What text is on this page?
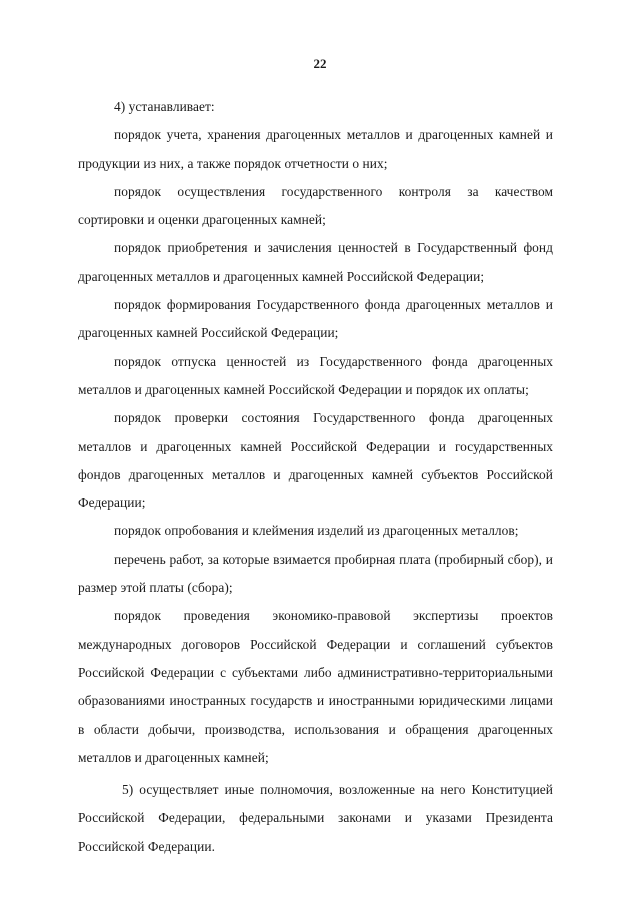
22

4) устанавливает:

порядок учета, хранения драгоценных металлов и драгоценных камней и продукции из них, а также порядок отчетности о них;

порядок осуществления государственного контроля за качеством сортировки и оценки драгоценных камней;

порядок приобретения и зачисления ценностей в Государственный фонд драгоценных металлов и драгоценных камней Российской Федерации;

порядок формирования Государственного фонда драгоценных металлов и драгоценных камней Российской Федерации;

порядок отпуска ценностей из Государственного фонда драгоценных металлов и драгоценных камней Российской Федерации и порядок их оплаты;

порядок проверки состояния Государственного фонда драгоценных металлов и драгоценных камней Российской Федерации и государственных фондов драгоценных металлов и драгоценных камней субъектов Российской Федерации;

порядок опробования и клеймения изделий из драгоценных металлов;

перечень работ, за которые взимается пробирная плата (пробирный сбор), и размер этой платы (сбора);

порядок проведения экономико-правовой экспертизы проектов международных договоров Российской Федерации и соглашений субъектов Российской Федерации с субъектами либо административно-территориальными образованиями иностранных государств и иностранными юридическими лицами в области добычи, производства, использования и обращения драгоценных металлов и драгоценных камней;

5) осуществляет иные полномочия, возложенные на него Конституцией Российской Федерации, федеральными законами и указами Президента Российской Федерации.
